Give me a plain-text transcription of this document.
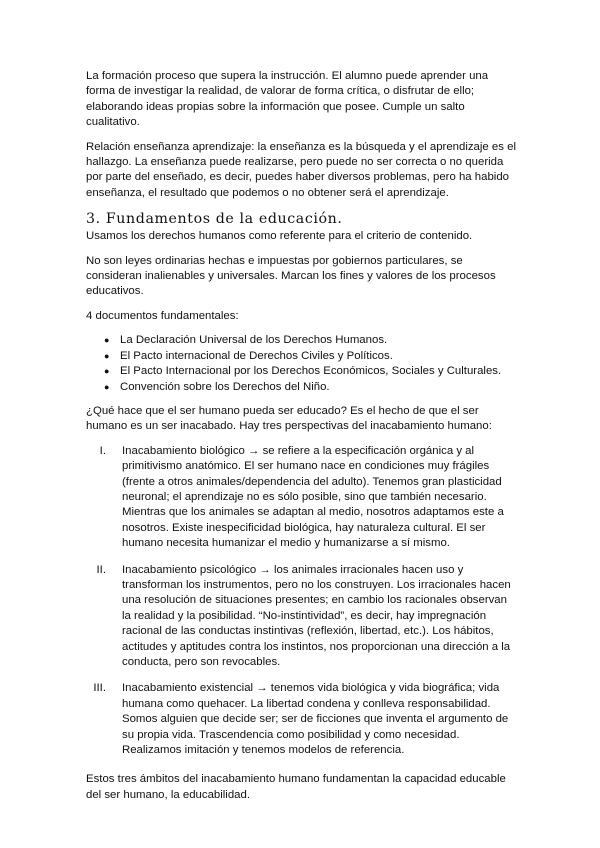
La formación proceso que supera la instrucción. El alumno puede aprender una forma de investigar la realidad, de valorar de forma crítica, o disfrutar de ello; elaborando ideas propias sobre la información que posee. Cumple un salto cualitativo.

Relación enseñanza aprendizaje: la enseñanza es la búsqueda y el aprendizaje es el hallazgo. La enseñanza puede realizarse, pero puede no ser correcta o no querida por parte del enseñado, es decir, puedes haber diversos problemas, pero ha habido enseñanza, el resultado que podemos o no obtener será el aprendizaje.

3. Fundamentos de la educación.

Usamos los derechos humanos como referente para el criterio de contenido.

No son leyes ordinarias hechas e impuestas por gobiernos particulares, se consideran inalienables y universales. Marcan los fines y valores de los procesos educativos.

4 documentos fundamentales:

● La Declaración Universal de los Derechos Humanos.
● El Pacto internacional de Derechos Civiles y Políticos.
● El Pacto Internacional por los Derechos Económicos, Sociales y Culturales.
● Convención sobre los Derechos del Niño.

¿Qué hace que el ser humano pueda ser educado? Es el hecho de que el ser humano es un ser inacabado. Hay tres perspectivas del inacabamiento humano:

I.	Inacabamiento biológico → se refiere a la especificación orgánica y al primitivismo anatómico. El ser humano nace en condiciones muy frágiles (frente a otros animales/dependencia del adulto). Tenemos gran plasticidad neuronal; el aprendizaje no es sólo posible, sino que también necesario. Mientras que los animales se adaptan al medio, nosotros adaptamos este a nosotros. Existe inespecificidad biológica, hay naturaleza cultural. El ser humano necesita humanizar el medio y humanizarse a sí mismo.
II.	Inacabamiento psicológico → los animales irracionales hacen uso y transforman los instrumentos, pero no los construyen. Los irracionales hacen una resolución de situaciones presentes; en cambio los racionales observan la realidad y la posibilidad. “No-instintividad”, es decir, hay impregnación racional de las conductas instintivas (reflexión, libertad, etc.). Los hábitos, actitudes y aptitudes contra los instintos, nos proporcionan una dirección a la conducta, pero son revocables.
III.	Inacabamiento existencial → tenemos vida biológica y vida biográfica; vida humana como quehacer. La libertad condena y conlleva responsabilidad. Somos alguien que decide ser; ser de ficciones que inventa el argumento de su propia vida. Trascendencia como posibilidad y como necesidad. Realizamos imitación y tenemos modelos de referencia.

Estos tres ámbitos del inacabamiento humano fundamentan la capacidad educable del ser humano, la educabilidad.
